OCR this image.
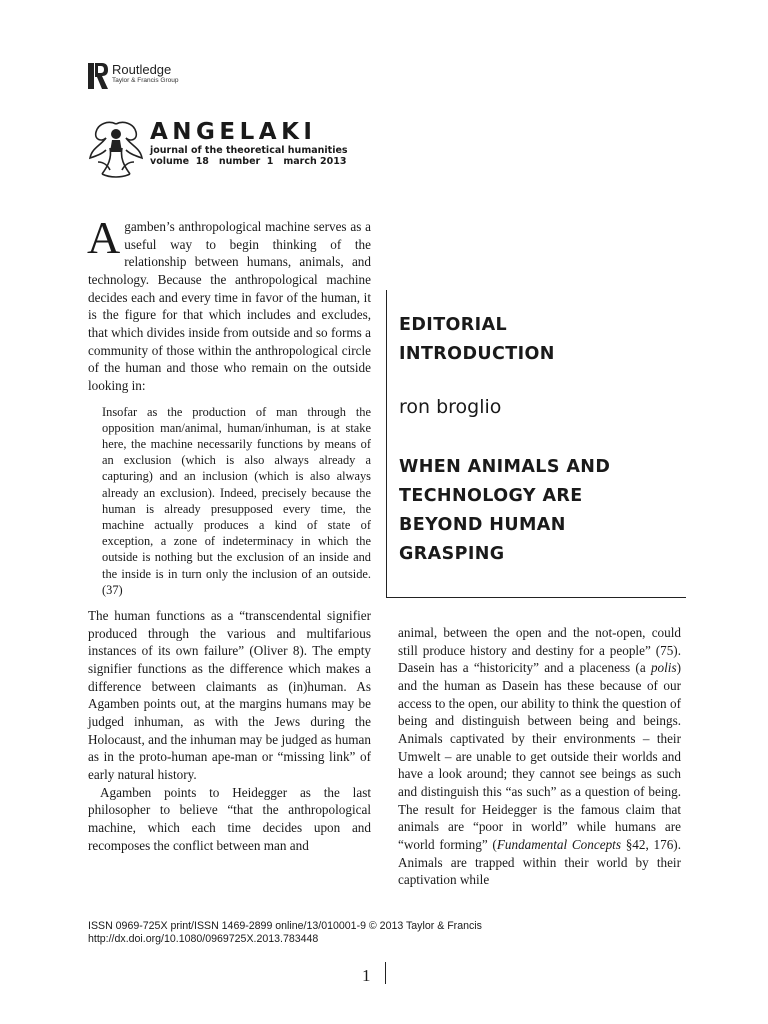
Routledge
Taylor & Francis Group
ANGELAKI
journal of the theoretical humanities
volume  18   number  1   march 2013

Agamben’s anthropological machine serves as a useful way to begin thinking of the relationship between humans, animals, and technology. Because the anthropological machine decides each and every time in favor of the human, it is the figure for that which includes and excludes, that which divides inside from outside and so forms a community of those within the anthropological circle of the human and those who remain on the outside looking in:

Insofar as the production of man through the opposition man/animal, human/inhuman, is at stake here, the machine necessarily functions by means of an exclusion (which is also always already a capturing) and an inclusion (which is also always already an exclusion). Indeed, precisely because the human is already presupposed every time, the machine actually produces a kind of state of exception, a zone of indeterminacy in which the outside is nothing but the exclusion of an inside and the inside is in turn only the inclusion of an outside. (37)

The human functions as a “transcendental signifier produced through the various and multifarious instances of its own failure” (Oliver 8). The empty signifier functions as the difference which makes a difference between claimants as (in)human. As Agamben points out, at the margins humans may be judged inhuman, as with the Jews during the Holocaust, and the inhuman may be judged as human as in the proto-human ape-man or “missing link” of early natural history.

Agamben points to Heidegger as the last philosopher to believe “that the anthropological machine, which each time decides upon and recomposes the conflict between man and

EDITORIAL
INTRODUCTION
ron broglio
WHEN ANIMALS AND
TECHNOLOGY ARE
BEYOND HUMAN
GRASPING

animal, between the open and the not-open, could still produce history and destiny for a people” (75). Dasein has a “historicity” and a placeness (a polis) and the human as Dasein has these because of our access to the open, our ability to think the question of being and distinguish between being and beings. Animals captivated by their environments – their Umwelt – are unable to get outside their worlds and have a look around; they cannot see beings as such and distinguish this “as such” as a question of being. The result for Heidegger is the famous claim that animals are “poor in world” while humans are “world forming” (Fundamental Concepts §42, 176). Animals are trapped within their world by their captivation while

ISSN 0969-725X print/ISSN 1469-2899 online/13/010001-9 © 2013 Taylor & Francis
http://dx.doi.org/10.1080/0969725X.2013.783448
1
